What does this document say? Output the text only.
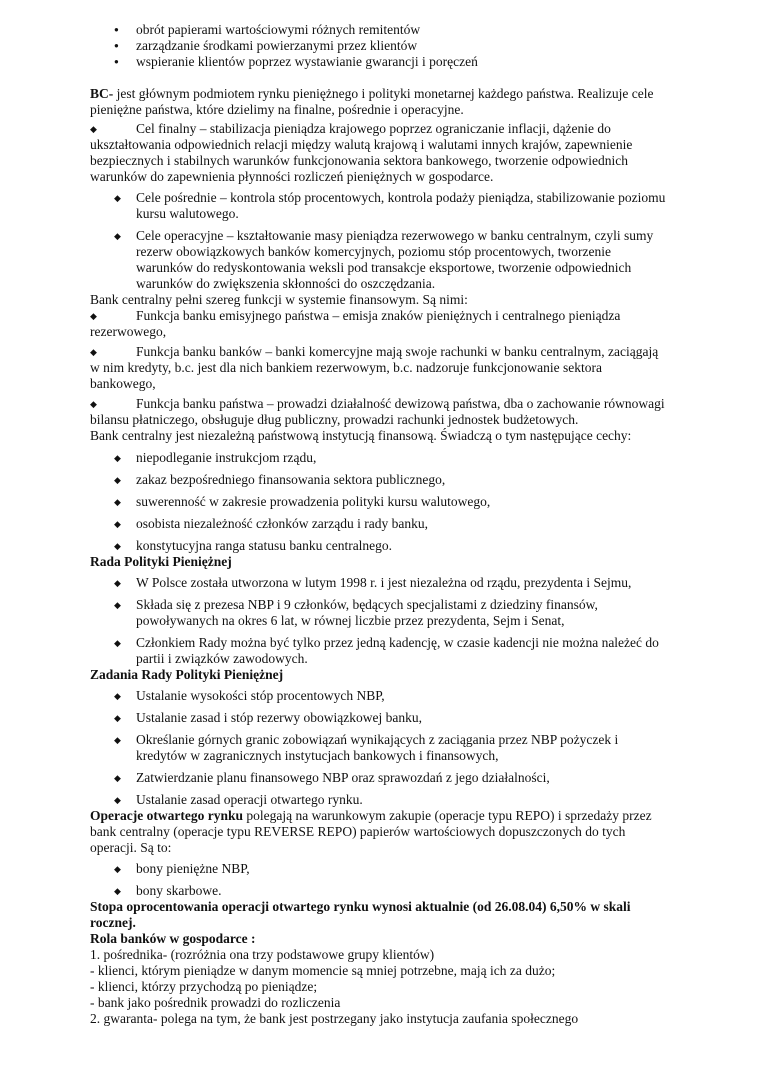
● obrót papierami wartościowymi różnych remitentów
● zarządzanie środkami powierzanymi przez klientów
● wspieranie klientów poprzez wystawianie gwarancji i poręczeń

BC- jest głównym podmiotem rynku pieniężnego i polityki monetarnej każdego państwa. Realizuje cele pieniężne państwa, które dzielimy na finalne, pośrednie i operacyjne.

◆	Cel finalny – stabilizacja pieniądza krajowego poprzez ograniczanie inflacji, dążenie do ukształtowania odpowiednich relacji między walutą krajową i walutami innych krajów, zapewnienie bezpiecznych i stabilnych warunków funkcjonowania sektora bankowego, tworzenie odpowiednich warunków do zapewnienia płynności rozliczeń pieniężnych w gospodarce.

◆ Cele pośrednie – kontrola stóp procentowych, kontrola podaży pieniądza, stabilizowanie poziomu kursu walutowego.
◆ Cele operacyjne – kształtowanie masy pieniądza rezerwowego w banku centralnym, czyli sumy rezerw obowiązkowych banków komercyjnych, poziomu stóp procentowych, tworzenie warunków do redyskontowania weksli pod transakcje eksportowe, tworzenie odpowiednich warunków do zwiększenia skłonności do oszczędzania.

Bank centralny pełni szereg funkcji w systemie finansowym. Są nimi:

◆	Funkcja banku emisyjnego państwa – emisja znaków pieniężnych i centralnego pieniądza rezerwowego,

◆	Funkcja banku banków – banki komercyjne mają swoje rachunki w banku centralnym, zaciągają w nim kredyty, b.c. jest dla nich bankiem rezerwowym, b.c. nadzoruje funkcjonowanie sektora bankowego,

◆	Funkcja banku państwa – prowadzi działalność dewizową państwa, dba o zachowanie równowagi bilansu płatniczego, obsługuje dług publiczny, prowadzi rachunki jednostek budżetowych.

Bank centralny jest niezależną państwową instytucją finansową. Świadczą o tym następujące cechy:

◆ niepodleganie instrukcjom rządu,
◆ zakaz bezpośredniego finansowania sektora publicznego,
◆ suwerenność w zakresie prowadzenia polityki kursu walutowego,
◆ osobista niezależność członków zarządu i rady banku,
◆ konstytucyjna ranga statusu banku centralnego.

Rada Polityki Pieniężnej

◆ W Polsce została utworzona w lutym 1998 r. i jest niezależna od rządu, prezydenta i Sejmu,
◆ Składa się z prezesa NBP i 9 członków, będących specjalistami z dziedziny finansów, powoływanych na okres 6 lat, w równej liczbie przez prezydenta, Sejm i Senat,
◆ Członkiem Rady można być tylko przez jedną kadencję, w czasie kadencji nie można należeć do partii i związków zawodowych.

Zadania Rady Polityki Pieniężnej

◆ Ustalanie wysokości stóp procentowych NBP,
◆ Ustalanie zasad i stóp rezerwy obowiązkowej banku,
◆ Określanie górnych granic zobowiązań wynikających z zaciągania przez NBP pożyczek i kredytów w zagranicznych instytucjach bankowych i finansowych,
◆ Zatwierdzanie planu finansowego NBP oraz sprawozdań z jego działalności,
◆ Ustalanie zasad operacji otwartego rynku.

Operacje otwartego rynku polegają na warunkowym zakupie (operacje typu REPO) i sprzedaży przez bank centralny (operacje typu REVERSE REPO) papierów wartościowych dopuszczonych do tych operacji. Są to:

◆ bony pieniężne NBP,
◆ bony skarbowe.

Stopa oprocentowania operacji otwartego rynku wynosi aktualnie (od 26.08.04) 6,50% w skali rocznej.

Rola banków w gospodarce :

1. pośrednika- (rozróżnia ona trzy podstawowe grupy klientów)

- klienci, którym pieniądze w danym momencie są mniej potrzebne, mają ich za dużo;

- klienci, którzy przychodzą po pieniądze;

- bank jako pośrednik prowadzi do rozliczenia

2. gwaranta- polega na tym, że bank jest postrzegany jako instytucja zaufania społecznego
